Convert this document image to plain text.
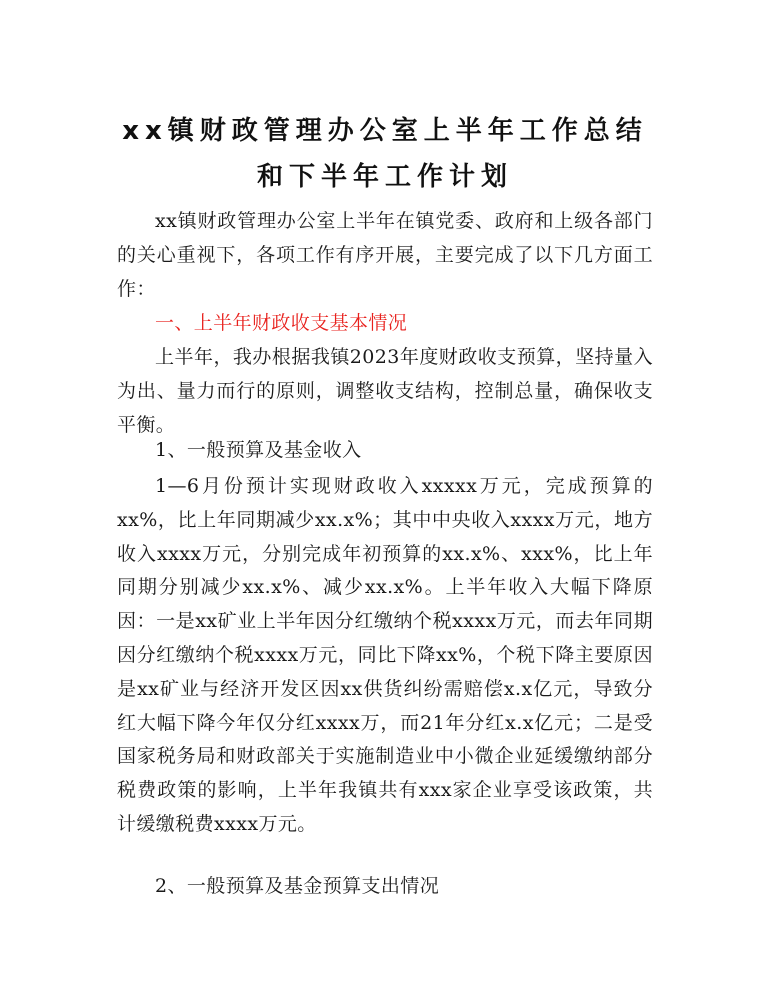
xx镇财政管理办公室上半年工作总结和下半年工作计划

xx镇财政管理办公室上半年在镇党委、政府和上级各部门的关心重视下，各项工作有序开展，主要完成了以下几方面工作：

一、上半年财政收支基本情况

上半年，我办根据我镇2023年度财政收支预算，坚持量入为出、量力而行的原则，调整收支结构，控制总量，确保收支平衡。

1、一般预算及基金收入

1—6月份预计实现财政收入xxxxx万元，完成预算的xx%，比上年同期减少xx.x%；其中中央收入xxxx万元，地方收入xxxx万元，分别完成年初预算的xx.x%、xxx%，比上年同期分别减少xx.x%、减少xx.x%。上半年收入大幅下降原因：一是xx矿业上半年因分红缴纳个税xxxx万元，而去年同期因分红缴纳个税xxxx万元，同比下降xx%，个税下降主要原因是xx矿业与经济开发区因xx供货纠纷需赔偿x.x亿元，导致分红大幅下降今年仅分红xxxx万，而21年分红x.x亿元；二是受国家税务局和财政部关于实施制造业中小微企业延缓缴纳部分税费政策的影响，上半年我镇共有xxx家企业享受该政策，共计缓缴税费xxxx万元。

2、一般预算及基金预算支出情况
